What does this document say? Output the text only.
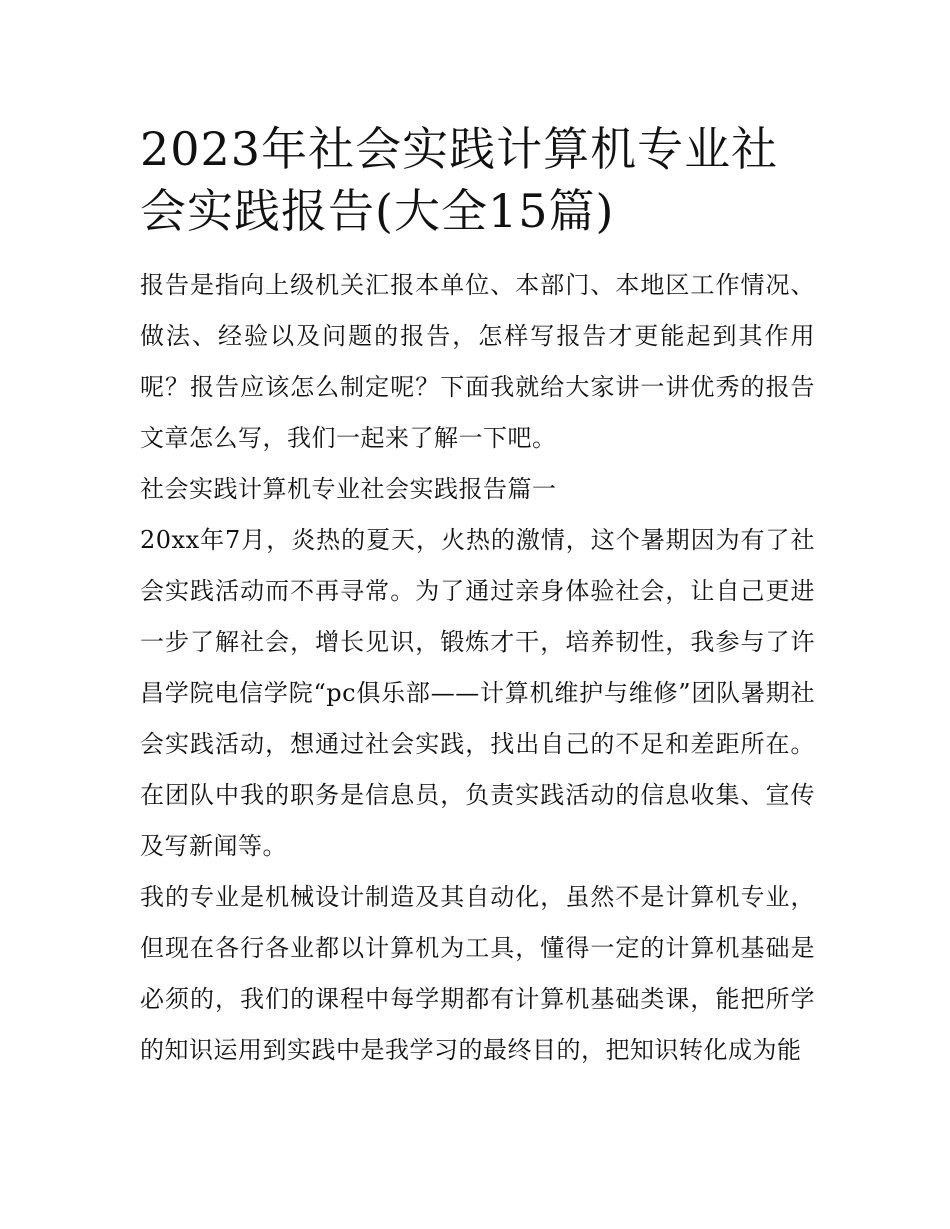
2023年社会实践计算机专业社会实践报告(大全15篇)

报告是指向上级机关汇报本单位、本部门、本地区工作情况、做法、经验以及问题的报告，怎样写报告才更能起到其作用呢？报告应该怎么制定呢？下面我就给大家讲一讲优秀的报告文章怎么写，我们一起来了解一下吧。

社会实践计算机专业社会实践报告篇一

20xx年7月，炎热的夏天，火热的激情，这个暑期因为有了社会实践活动而不再寻常。为了通过亲身体验社会，让自己更进一步了解社会，增长见识，锻炼才干，培养韧性，我参与了许昌学院电信学院“pc俱乐部——计算机维护与维修”团队暑期社会实践活动，想通过社会实践，找出自己的不足和差距所在。在团队中我的职务是信息员，负责实践活动的信息收集、宣传及写新闻等。

我的专业是机械设计制造及其自动化，虽然不是计算机专业，但现在各行各业都以计算机为工具，懂得一定的计算机基础是必须的，我们的课程中每学期都有计算机基础类课，能把所学的知识运用到实践中是我学习的最终目的，把知识转化成为能
